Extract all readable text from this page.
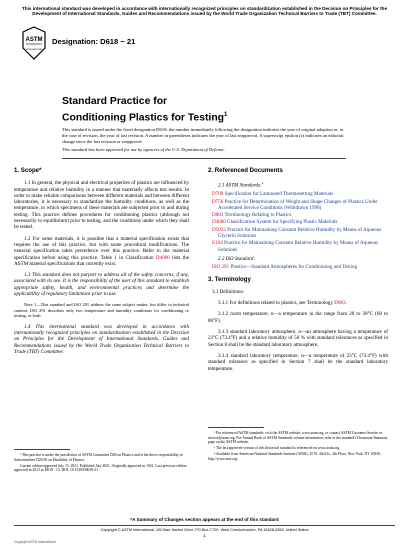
This international standard was developed in accordance with internationally recognized principles on standardization established in the Decision on Principles for the Development of International Standards, Guides and Recommendations issued by the World Trade Organization Technical Barriers to Trade (TBT) Committee.
ASTM
INTERNATIONAL
Designation: D618 − 21
Standard Practice for
Conditioning Plastics for Testing$^1$
This standard is issued under the fixed designation D618; the number immediately following the designation indicates the year of original adoption or, in the case of revision, the year of last revision. A number in parentheses indicates the year of last reapproval. A superscript epsilon (ε) indicates an editorial change since the last revision or reapproval.
This standard has been approved for use by agencies of the U.S. Department of Defense.
1. Scope*
1.1 In general, the physical and electrical properties of plastics are influenced by temperature and relative humidity in a manner that materially affects test results. In order to make reliable comparisons between different materials and between different laboratories, it is necessary to standardize the humidity conditions, as well as the temperature, to which specimens of these materials are subjected prior to and during testing. This practice defines procedures for conditioning plastics (although not necessarily to equilibrium) prior to testing, and the conditions under which they shall be tested.
1.2 For some materials, it is possible that a material specification exists that requires the use of this practice, but with some procedural modifications. The material specification takes precedence over this practice. Refer to the material specification before using this practice. Table 1 in Classification D4000 lists the ASTM material specifications that currently exist.
1.3 This standard does not purport to address all of the safety concerns, if any, associated with its use. It is the responsibility of the user of this standard to establish appropriate safety, health, and environmental practices and determine the applicability of regulatory limitations prior to use.
Note 1—This standard and ISO 291 address the same subject matter, but differ in technical content. ISO 291 describes only two temperature and humidity conditions for conditioning or testing, or both.
1.4 This international standard was developed in accordance with internationally recognized principles on standardization established in the Decision on Principles for the Development of International Standards, Guides and Recommendations issued by the World Trade Organization Technical Barriers to Trade (TBT) Committee.
2. Referenced Documents
2.1 ASTM Standards:$^2$
D709 Specification for Laminated Thermosetting Materials
D756 Practice for Determination of Weight and Shape Changes of Plastics Under Accelerated Service Conditions (Withdrawn 1998)
D883 Terminology Relating to Plastics
D4000 Classification System for Specifying Plastic Materials
D5032 Practice for Maintaining Constant Relative Humidity by Means of Aqueous Glycerin Solutions
E104 Practice for Maintaining Constant Relative Humidity by Means of Aqueous Solutions
2.2 ISO Standard:
ISO 291 Plastics—Standard Atmospheres for Conditioning and Testing
3. Terminology
3.1 Definitions:
3.1.1 For definitions related to plastics, see Terminology D883.
3.1.2 room temperature, n—a temperature in the range from 20 to 30°C (68 to 86°F).
3.1.3 standard laboratory atmosphere, n—an atmosphere having a temperature of 23°C (73.4°F) and a relative humidity of 50 % with standard tolerances as specified in Section 8 shall be the standard laboratory atmosphere.
3.1.4 standard laboratory temperature, n—a temperature of 23°C (73.4°F) with standard tolerance as specified in Section 7 shall be the standard laboratory temperature.

¹ This practice is under the jurisdiction of ASTM Committee D20 on Plastics and is the direct responsibility of Subcommittee D20.50 on Durability of Plastics.

Current edition approved July 15, 2021. Published July 2021. Originally approved in 1941. Last previous edition approved in 2013 as D618 - 13. DOI: 10.1520/D0618-21.

² For referenced ASTM standards, visit the ASTM website, www.astm.org, or contact ASTM Customer Service at service@astm.org. For Annual Book of ASTM Standards volume information, refer to the standard's Document Summary page on the ASTM website.

³ The last approved version of this historical standard is referenced on www.astm.org.

⁴ Available from American National Standards Institute (ANSI), 25 W. 43rd St., 4th Floor, New York, NY 10036, http://www.ansi.org.

*A Summary of Changes section appears at the end of this standard
Copyright © ASTM International, 100 Barr Harbor Drive, PO Box C700, West Conshohocken, PA 19428-2959. United States
1
Copyright ASTM International
